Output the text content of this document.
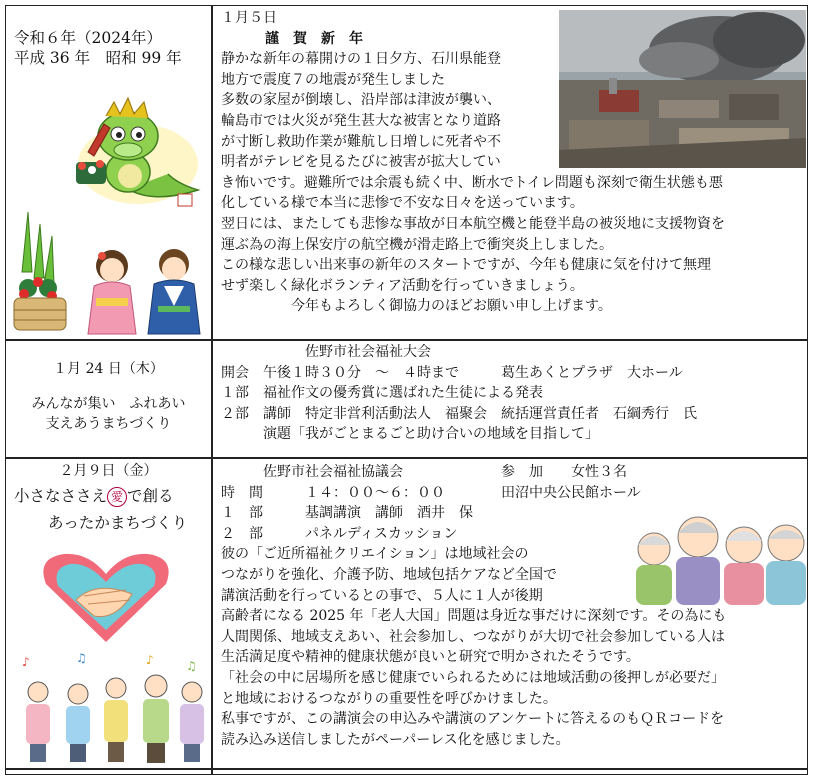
令和６年（2024年）
平成 36 年　昭和 99 年
１月５日
謹　賀　新　年
静かな新年の幕開けの１日夕方、石川県能登
地方で震度７の地震が発生しました
多数の家屋が倒壊し、沿岸部は津波が襲い、
輪島市では火災が発生甚大な被害となり道路
が寸断し救助作業が難航し日増しに死者や不
明者がテレビを見るたびに被害が拡大してい
き怖いです。避難所では余震も続く中、断水でトイレ問題も深刻で衛生状態も悪
化している様で本当に悲惨で不安な日々を送っています。
翌日には、またしても悲惨な事故が日本航空機と能登半島の被災地に支援物資を
運ぶ為の海上保安庁の航空機が滑走路上で衝突炎上しました。
この様な悲しい出来事の新年のスタートですが、今年も健康に気を付けて無理
せず楽しく緑化ボランティア活動を行っていきましょう。
　　　　　今年もよろしく御協力のほどお願い申し上げます。
１月 24 日（木）
みんなが集い　ふれあい
支えあうまちづくり
　　　　　　佐野市社会福祉大会
開会　午後１時３０分　～　４時まで　　　葛生あくとプラザ　大ホール
１部　福祉作文の優秀賞に選ばれた生徒による発表
２部　講師　特定非営利活動法人　福聚会　統括運営責任者　石綱秀行　氏
　　　演題「我がごとまるごと助け合いの地域を目指して」
２月９日（金）
小さなささえ 愛 で創る
あったかまちづくり
♪	♫	♪	♫
　　　佐野市社会福祉協議会　　　　　　　参　加　　女性３名
時　間　　　１４：００～６：００　　　　田沼中央公民館ホール
１　部　　　基調講演　講師　酒井　保
２　部　　　パネルディスカッション
彼の「ご近所福祉クリエイション」は地域社会の
つながりを強化、介護予防、地域包括ケアなど全国で
講演活動を行っているとの事で、５人に１人が後期
高齢者になる 2025 年「老人大国」問題は身近な事だけに深刻です。その為にも
人間関係、地域支えあい、社会参加し、つながりが大切で社会参加している人は
生活満足度や精神的健康状態が良いと研究で明かされたそうです。
「社会の中に居場所を感じ健康でいられるためには地域活動の後押しが必要だ」
と地域におけるつながりの重要性を呼びかけました。
私事ですが、この講演会の申込みや講演のアンケートに答えるのもＱＲコードを
読み込み送信しましたがペーパーレス化を感じました。
